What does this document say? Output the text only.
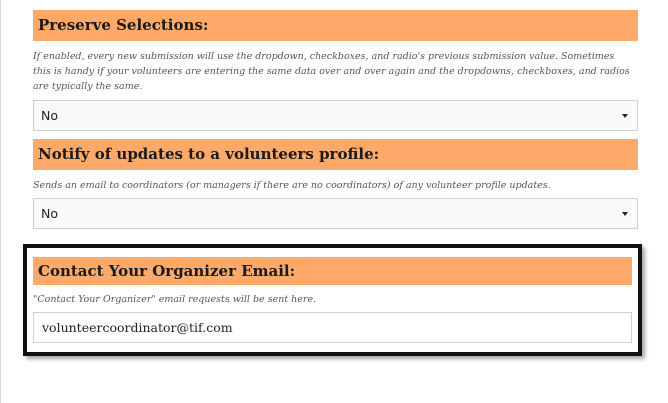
Preserve Selections:
If enabled, every new submission will use the dropdown, checkboxes, and radio's previous submission value. Sometimes this is handy if your volunteers are entering the same data over and over again and the dropdowns, checkboxes, and radios are typically the same.
No
Notify of updates to a volunteers profile:
Sends an email to coordinators (or managers if there are no coordinators) of any volunteer profile updates.
No
Contact Your Organizer Email:
"Contact Your Organizer" email requests will be sent here.
volunteercoordinator@tif.com
